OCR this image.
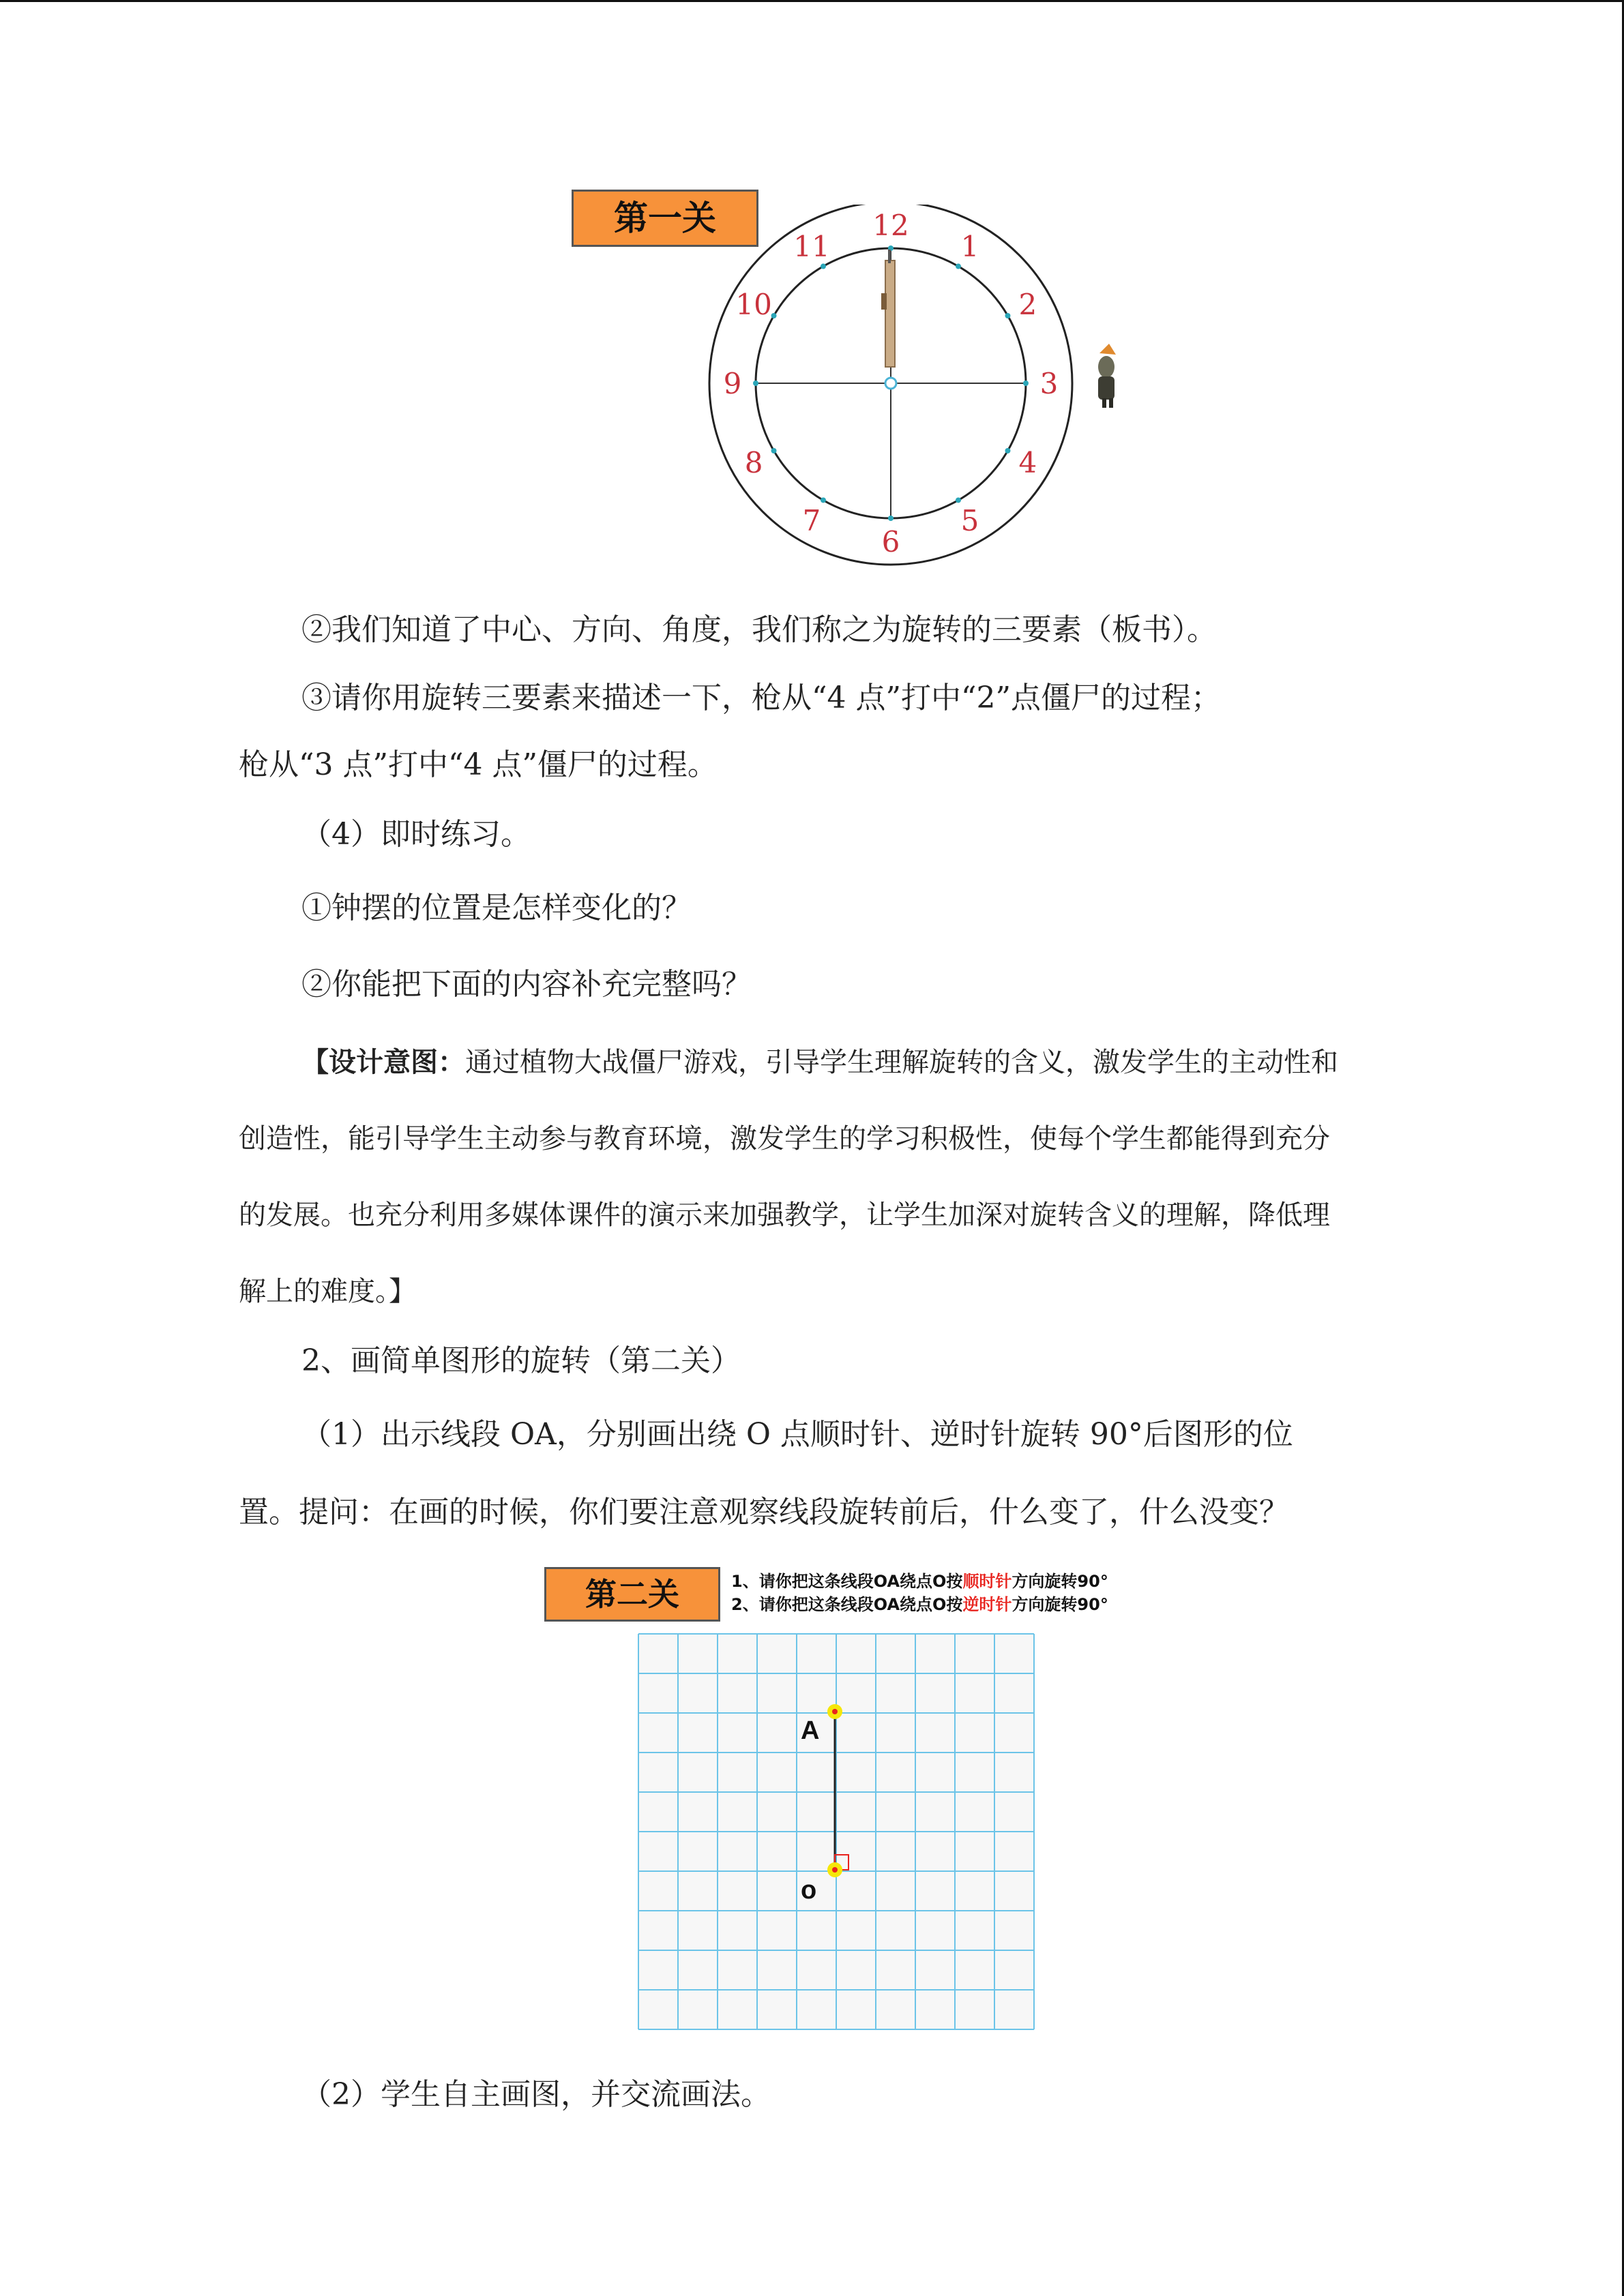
第一关	12
1
2
3
4
5
6
7
8
9
10
11

②我们知道了中心、方向、角度，我们称之为旋转的三要素（板书）。

③请你用旋转三要素来描述一下，枪从“4 点”打中“2”点僵尸的过程；

枪从“3 点”打中“4 点”僵尸的过程。

（4）即时练习。

①钟摆的位置是怎样变化的？

②你能把下面的内容补充完整吗？

【设计意图：通过植物大战僵尸游戏，引导学生理解旋转的含义，激发学生的主动性和

创造性，能引导学生主动参与教育环境，激发学生的学习积极性，使每个学生都能得到充分

的发展。也充分利用多媒体课件的演示来加强教学，让学生加深对旋转含义的理解，降低理

解上的难度。】

2、画简单图形的旋转（第二关）

（1）出示线段 OA，分别画出绕 O 点顺时针、逆时针旋转 90°后图形的位

置。提问：在画的时候，你们要注意观察线段旋转前后，什么变了，什么没变？

第二关	1、请你把这条线段OA绕点O按顺时针方向旋转90°
2、请你把这条线段OA绕点O按逆时针方向旋转90°
A
o

（2）学生自主画图，并交流画法。
